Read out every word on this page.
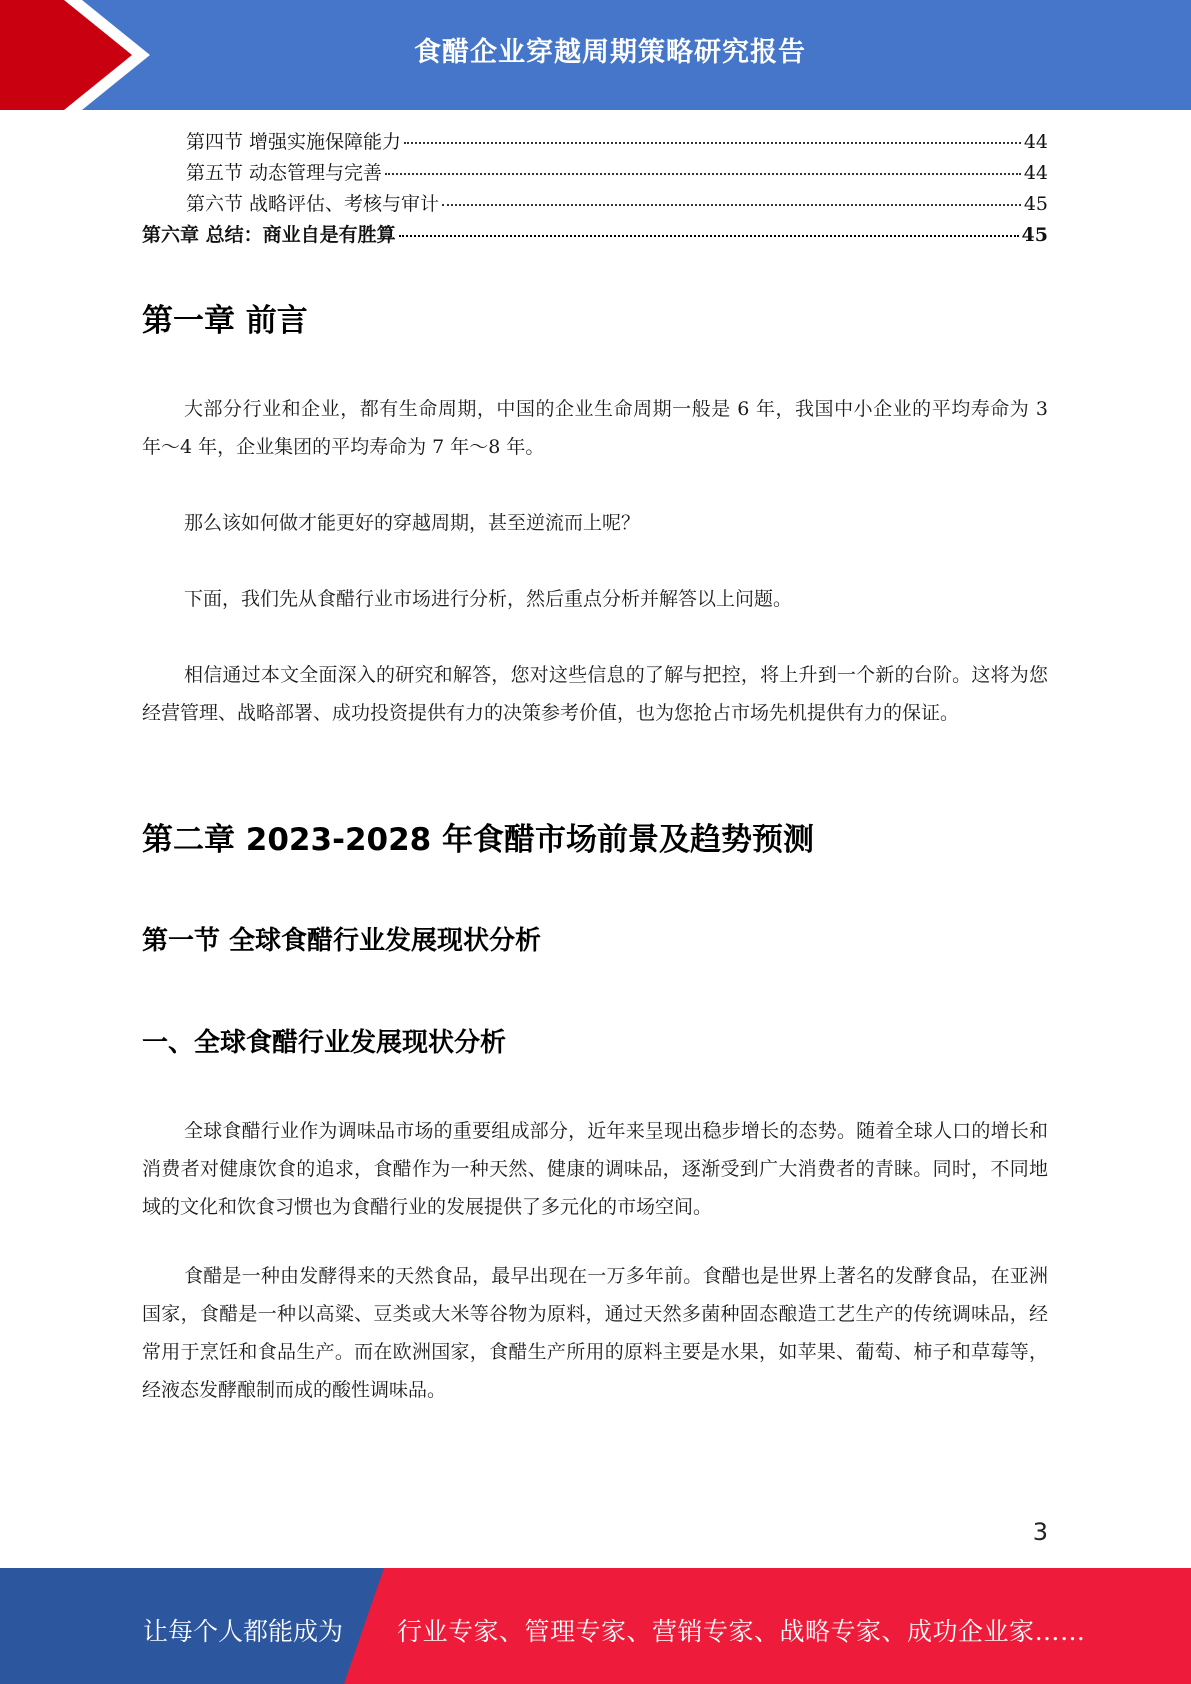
食醋企业穿越周期策略研究报告
第四节 增强实施保障能力	44
第五节 动态管理与完善	44
第六节 战略评估、考核与审计	45
第六章 总结：商业自是有胜算	45
第一章 前言
大部分行业和企业，都有生命周期，中国的企业生命周期一般是 6 年，我国中小企业的平均寿命为 3 年～4 年，企业集团的平均寿命为 7 年～8 年。
那么该如何做才能更好的穿越周期，甚至逆流而上呢？
下面，我们先从食醋行业市场进行分析，然后重点分析并解答以上问题。
相信通过本文全面深入的研究和解答，您对这些信息的了解与把控，将上升到一个新的台阶。这将为您经营管理、战略部署、成功投资提供有力的决策参考价值，也为您抢占市场先机提供有力的保证。
第二章 2023-2028 年食醋市场前景及趋势预测
第一节 全球食醋行业发展现状分析
一、全球食醋行业发展现状分析
全球食醋行业作为调味品市场的重要组成部分，近年来呈现出稳步增长的态势。随着全球人口的增长和消费者对健康饮食的追求，食醋作为一种天然、健康的调味品，逐渐受到广大消费者的青睐。同时，不同地域的文化和饮食习惯也为食醋行业的发展提供了多元化的市场空间。
食醋是一种由发酵得来的天然食品，最早出现在一万多年前。食醋也是世界上著名的发酵食品，在亚洲国家，食醋是一种以高粱、豆类或大米等谷物为原料，通过天然多菌种固态酿造工艺生产的传统调味品，经常用于烹饪和食品生产。而在欧洲国家，食醋生产所用的原料主要是水果，如苹果、葡萄、柿子和草莓等，经液态发酵酿制而成的酸性调味品。
3
让每个人都能成为 行业专家、管理专家、营销专家、战略专家、成功企业家……
